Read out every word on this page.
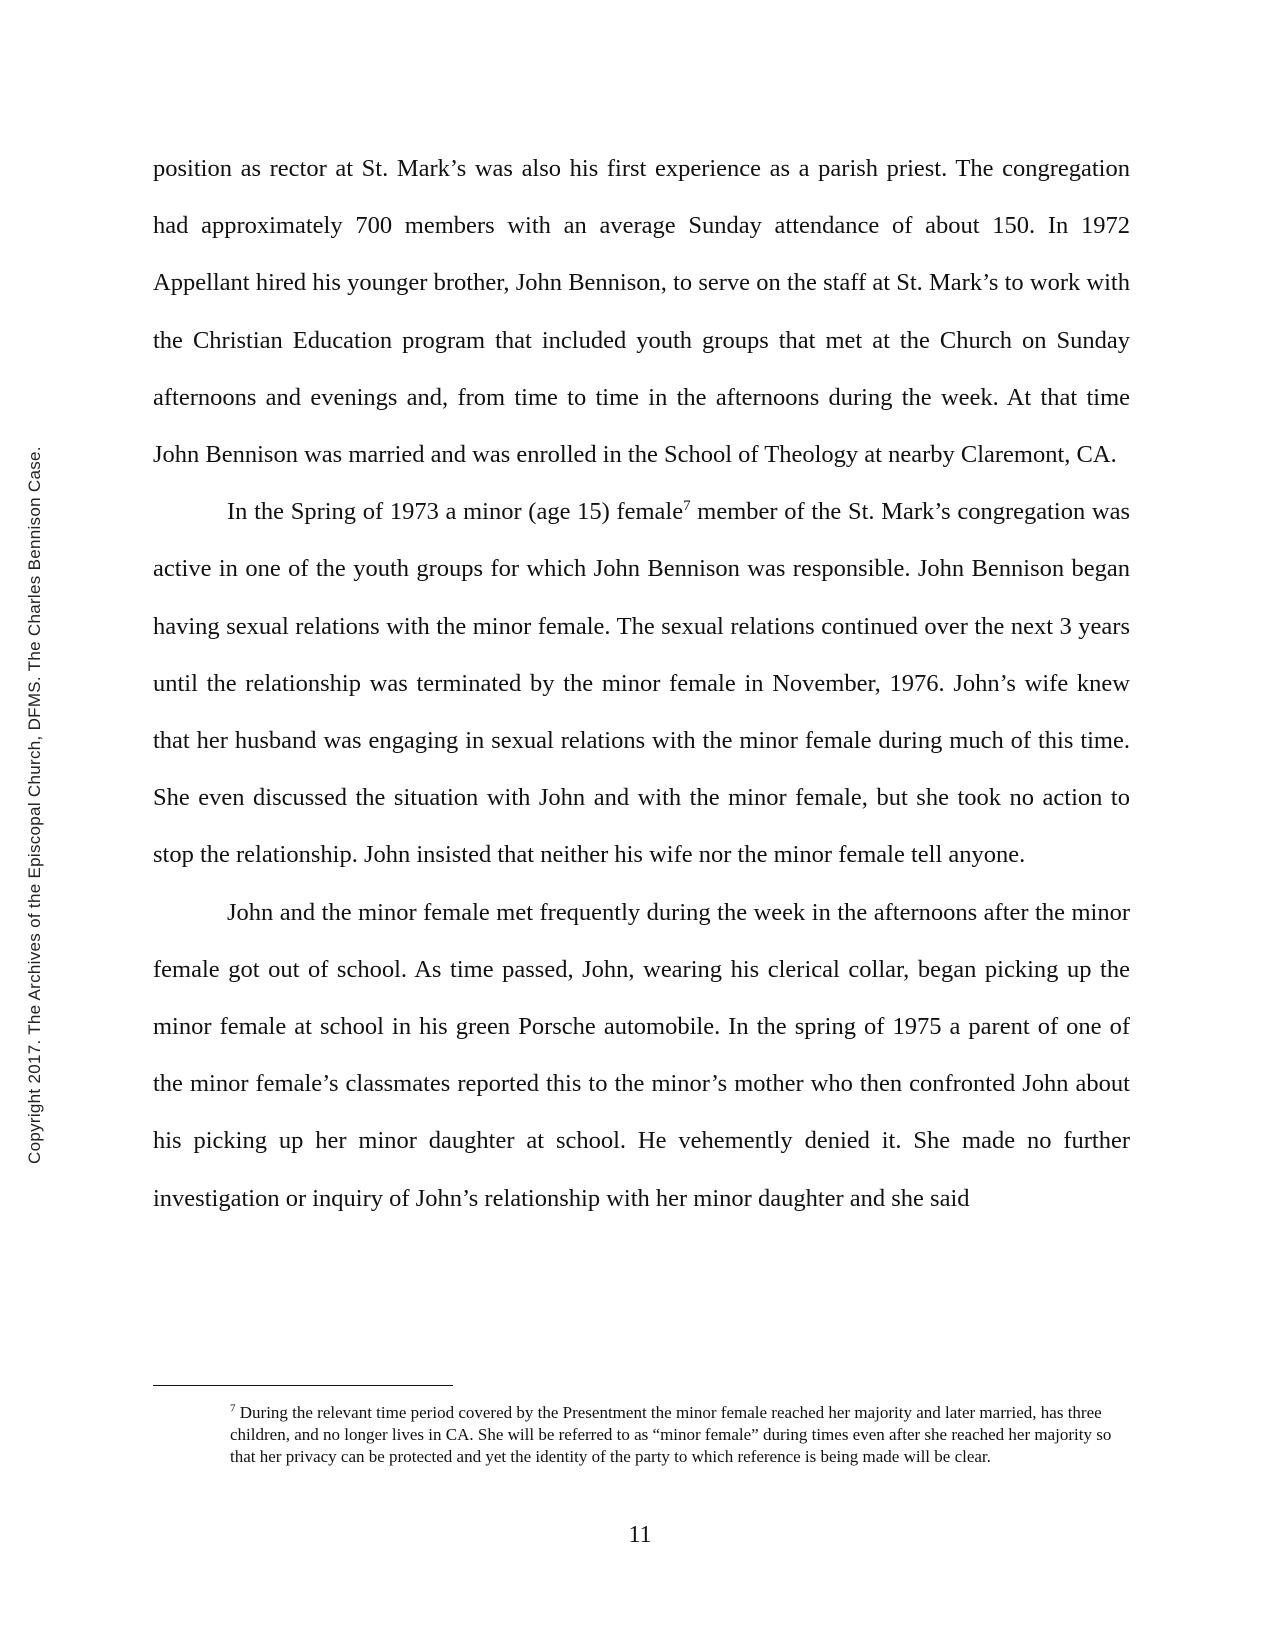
Copyright 2017. The Archives of the Episcopal Church, DFMS. The Charles Bennison Case.

position as rector at St. Mark’s was also his first experience as a parish priest. The congregation had approximately 700 members with an average Sunday attendance of about 150. In 1972 Appellant hired his younger brother, John Bennison, to serve on the staff at St. Mark’s to work with the Christian Education program that included youth groups that met at the Church on Sunday afternoons and evenings and, from time to time in the afternoons during the week. At that time John Bennison was married and was enrolled in the School of Theology at nearby Claremont, CA.

In the Spring of 1973 a minor (age 15) female$^7$ member of the St. Mark’s congregation was active in one of the youth groups for which John Bennison was responsible. John Bennison began having sexual relations with the minor female. The sexual relations continued over the next 3 years until the relationship was terminated by the minor female in November, 1976. John’s wife knew that her husband was engaging in sexual relations with the minor female during much of this time. She even discussed the situation with John and with the minor female, but she took no action to stop the relationship. John insisted that neither his wife nor the minor female tell anyone.

John and the minor female met frequently during the week in the afternoons after the minor female got out of school. As time passed, John, wearing his clerical collar, began picking up the minor female at school in his green Porsche automobile. In the spring of 1975 a parent of one of the minor female’s classmates reported this to the minor’s mother who then confronted John about his picking up her minor daughter at school. He vehemently denied it. She made no further investigation or inquiry of John’s relationship with her minor daughter and she said

$^7$ During the relevant time period covered by the Presentment the minor female reached her majority and later married, has three children, and no longer lives in CA. She will be referred to as “minor female” during times even after she reached her majority so that her privacy can be protected and yet the identity of the party to which reference is being made will be clear.
11
